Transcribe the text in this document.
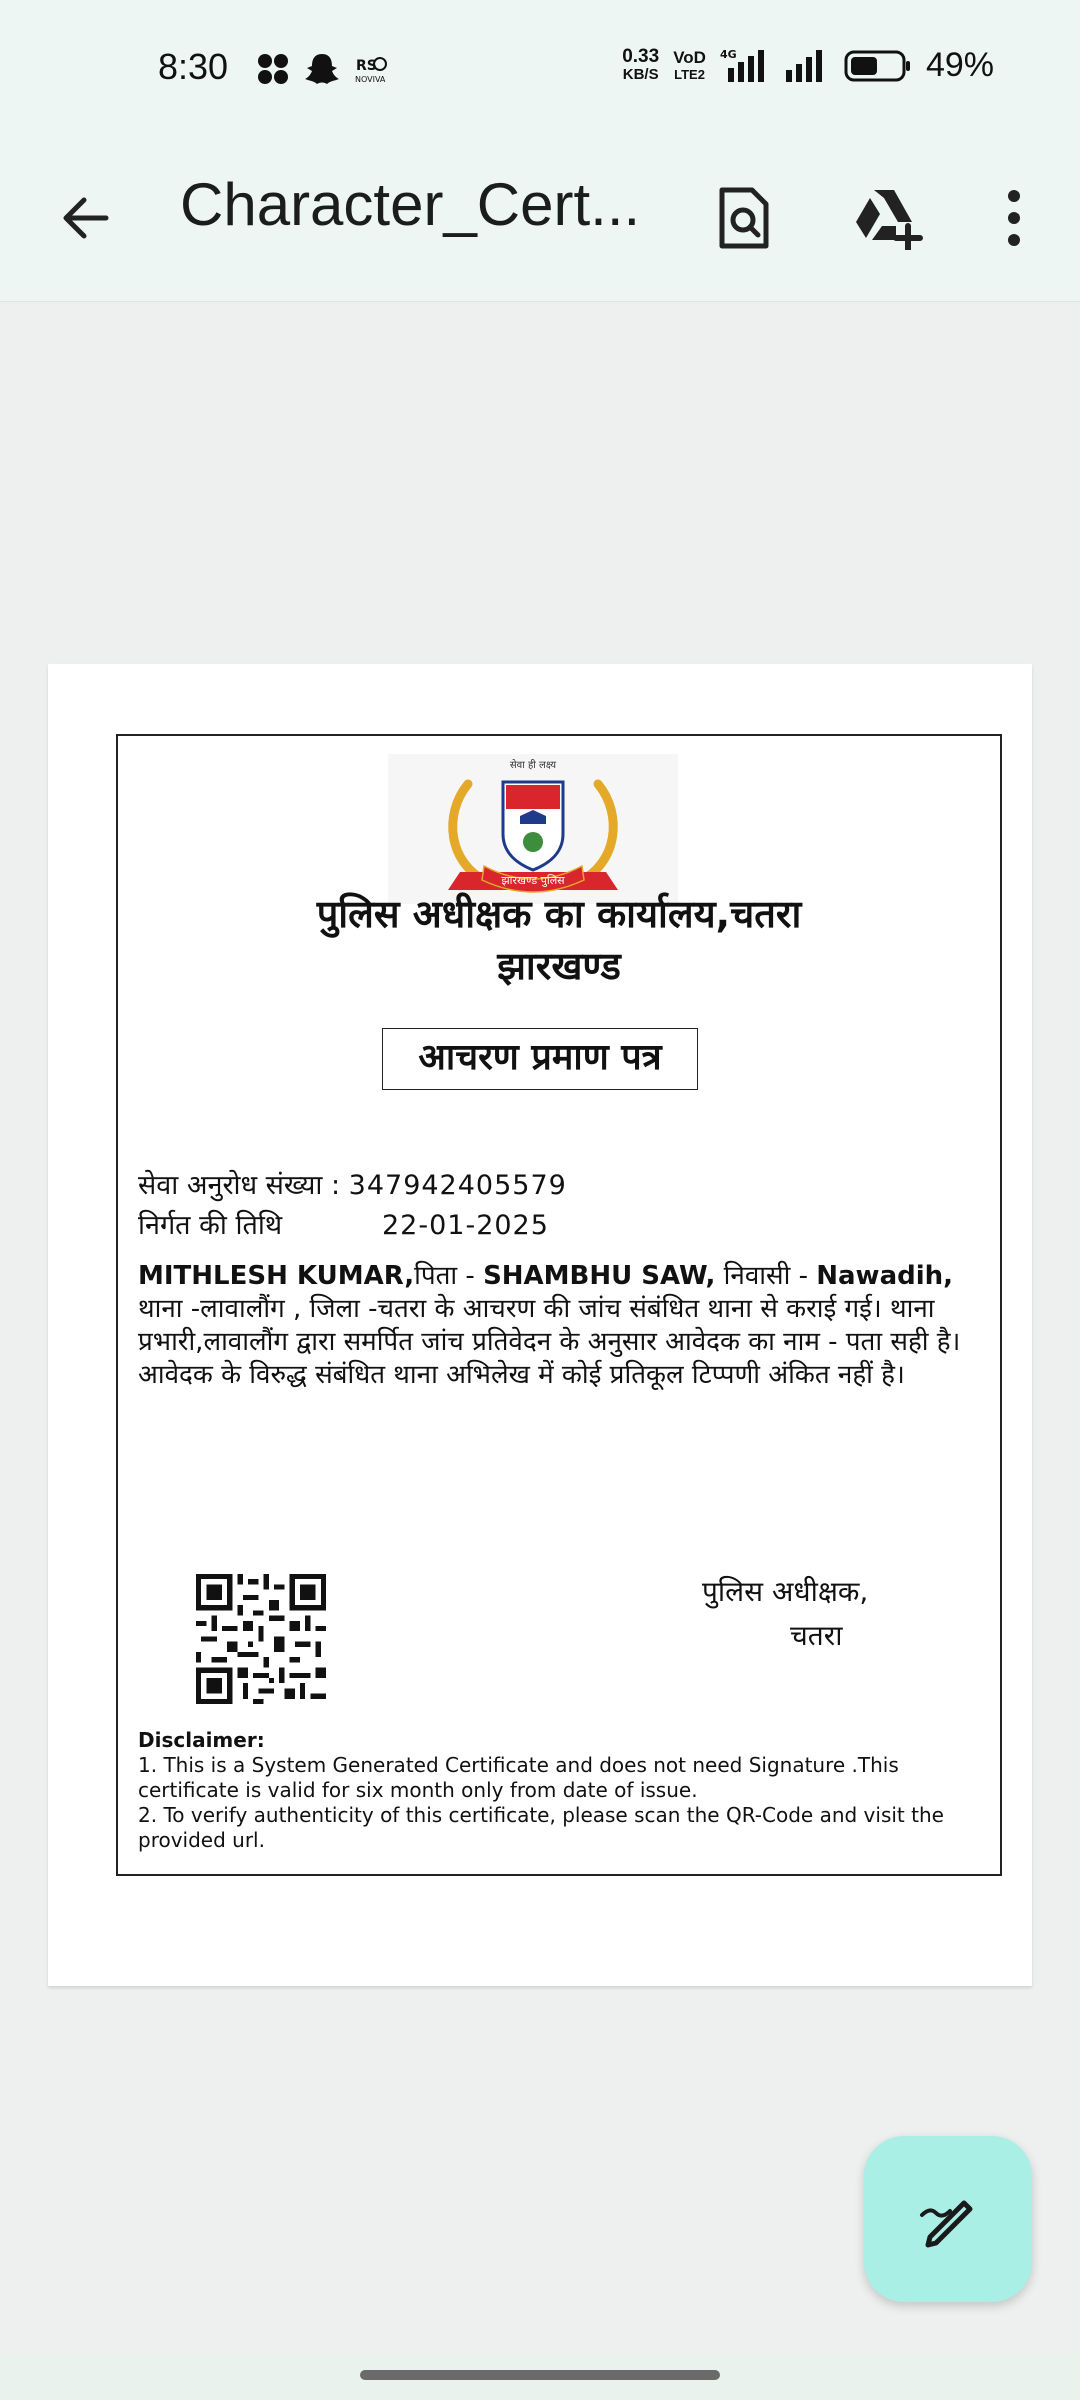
8:30	RS
NOVIVA
0.33
KB/S
VoD
LTE2
4G	49%
Character_Cert...
सेवा ही लक्ष्य
झारखण्ड पुलिस
पुलिस अधीक्षक का कार्यालय,चतरा
झारखण्ड
आचरण प्रमाण पत्र
सेवा अनुरोध संख्या :
347942405579
निर्गत की तिथि	22-01-2025
MITHLESH KUMAR,पिता - SHAMBHU SAW, निवासी - Nawadih, थाना -लावालौंग , जिला -चतरा के आचरण की जांच संबंधित थाना से कराई गई। थाना प्रभारी,लावालौंग द्वारा समर्पित जांच प्रतिवेदन के अनुसार आवेदक का नाम - पता सही है। आवेदक के विरुद्ध संबंधित थाना अभिलेख में कोई प्रतिकूल टिप्पणी अंकित नहीं है।
पुलिस अधीक्षक,
चतरा
Disclaimer:
1. This is a System Generated Certificate and does not need Signature .This certificate is valid for six month only from date of issue.
2. To verify authenticity of this certificate, please scan the QR-Code and visit the provided url.
